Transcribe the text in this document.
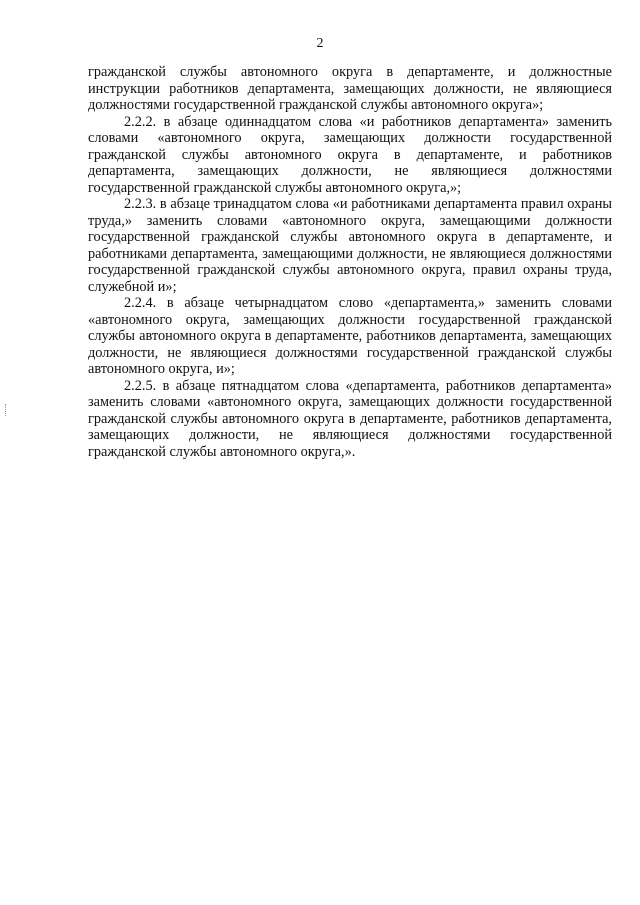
2

гражданской службы автономного округа в департаменте, и должностные инструкции работников департамента, замещающих должности, не являющиеся должностями государственной гражданской службы автономного округа»;

2.2.2. в абзаце одиннадцатом слова «и работников департамента» заменить словами «автономного округа, замещающих должности государственной гражданской службы автономного округа в департаменте, и работников департамента, замещающих должности, не являющиеся должностями государственной гражданской службы автономного округа,»;

2.2.3. в абзаце тринадцатом слова «и работниками департамента правил охраны труда,» заменить словами «автономного округа, замещающими должности государственной гражданской службы автономного округа в департаменте, и работниками департамента, замещающими должности, не являющиеся должностями государственной гражданской службы автономного округа, правил охраны труда, служебной и»;

2.2.4. в абзаце четырнадцатом слово «департамента,» заменить словами «автономного округа, замещающих должности государственной гражданской службы автономного округа в департаменте, работников департамента, замещающих должности, не являющиеся должностями государственной гражданской службы автономного округа, и»;

2.2.5. в абзаце пятнадцатом слова «департамента, работников департамента» заменить словами «автономного округа, замещающих должности государственной гражданской службы автономного округа в департаменте, работников департамента, замещающих должности, не являющиеся должностями государственной гражданской службы автономного округа,».
